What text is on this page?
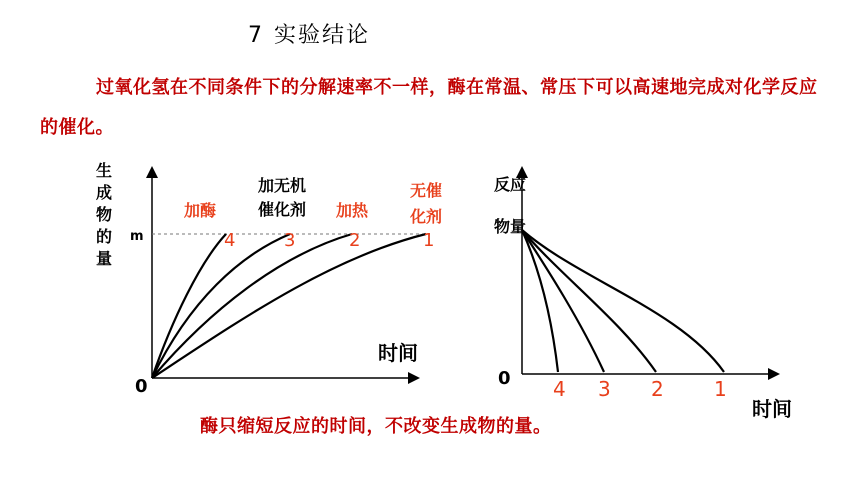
7 实验结论
过氧化氢在不同条件下的分解速率不一样，酶在常温、常压下可以高速地完成对化学反应的催化。
生
成
物
的
量
m
0
时间
4	3	2	1
加酶
加无机
催化剂 加热
无催
化剂
反应
物量
0
时间
4 3 2	1
酶只缩短反应的时间，不改变生成物的量。
